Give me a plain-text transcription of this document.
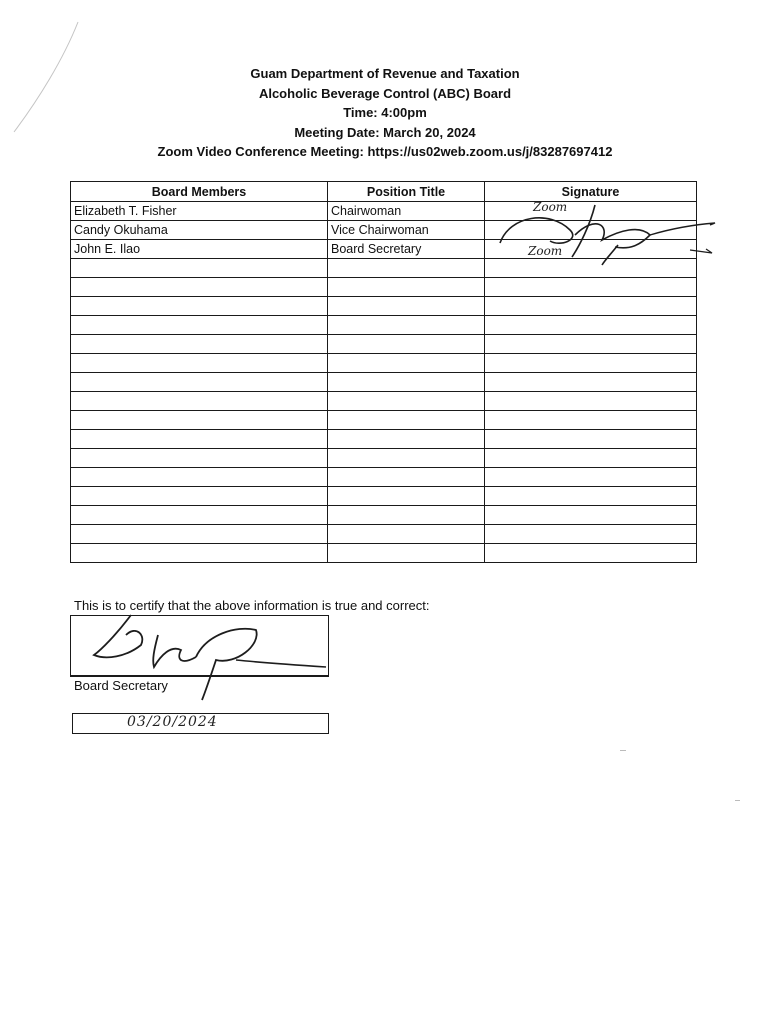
Guam Department of Revenue and Taxation
Alcoholic Beverage Control (ABC) Board
Time: 4:00pm
Meeting Date: March 20, 2024
Zoom Video Conference Meeting: https://us02web.zoom.us/j/83287697412
Board Members	Position Title	Signature
Elizabeth T. Fisher	Chairwoman	
Candy Okuhama	Vice Chairwoman	
John E. Ilao	Board Secretary	

Zoom
Zoom
This is to certify that the above information is true and correct:
Board Secretary
03/20/2024
